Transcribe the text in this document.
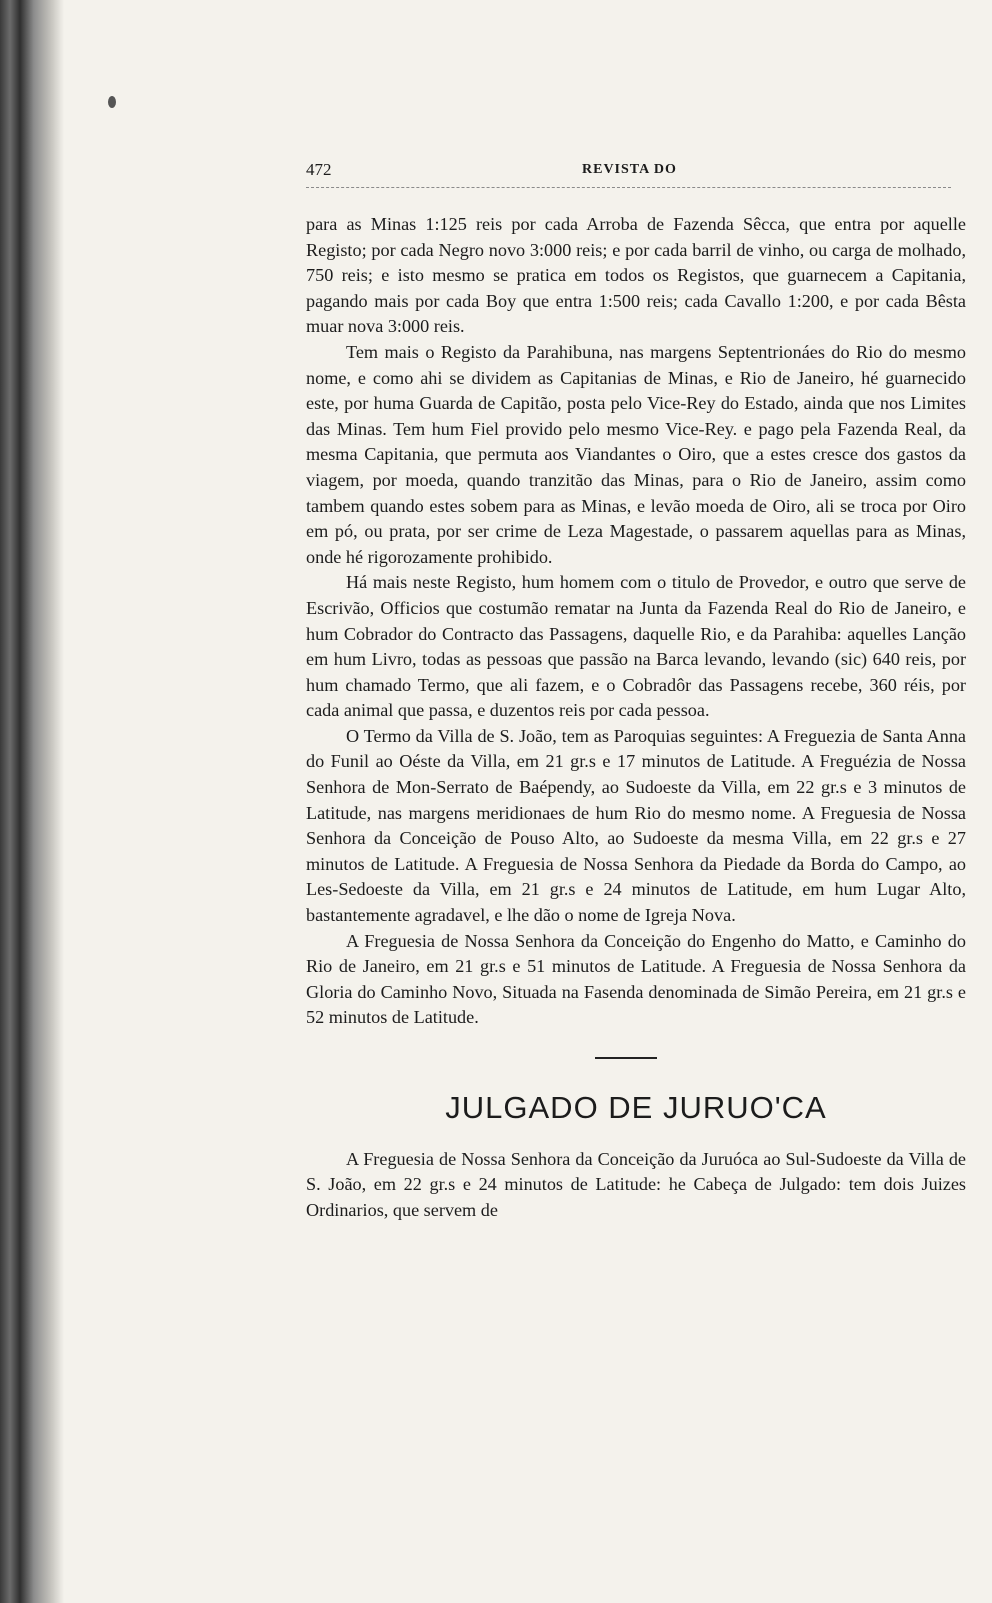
472	REVISTA DO

para as Minas 1:125 reis por cada Arroba de Fazenda Sêcca, que entra por aquelle Registo; por cada Negro novo 3:000 reis; e por cada barril de vinho, ou carga de molhado, 750 reis; e isto mesmo se pratica em todos os Registos, que guarnecem a Capitania, pagando mais por cada Boy que entra 1:500 reis; cada Cavallo 1:200, e por cada Bêsta muar nova 3:000 reis.

Tem mais o Registo da Parahibuna, nas margens Septentrionáes do Rio do mesmo nome, e como ahi se dividem as Capitanias de Minas, e Rio de Janeiro, hé guarnecido este, por huma Guarda de Capitão, posta pelo Vice-Rey do Estado, ainda que nos Limites das Minas. Tem hum Fiel provido pelo mesmo Vice-Rey. e pago pela Fazenda Real, da mesma Capitania, que permuta aos Viandantes o Oiro, que a estes cresce dos gastos da viagem, por moeda, quando tranzitão das Minas, para o Rio de Janeiro, assim como tambem quando estes sobem para as Minas, e levão moeda de Oiro, ali se troca por Oiro em pó, ou prata, por ser crime de Leza Magestade, o passarem aquellas para as Minas, onde hé rigorozamente prohibido.

Há mais neste Registo, hum homem com o titulo de Provedor, e outro que serve de Escrivão, Officios que costumão rematar na Junta da Fazenda Real do Rio de Janeiro, e hum Cobrador do Contracto das Passagens, daquelle Rio, e da Parahiba: aquelles Lanção em hum Livro, todas as pessoas que passão na Barca levando, levando (sic) 640 reis, por hum chamado Termo, que ali fazem, e o Cobradôr das Passagens recebe, 360 réis, por cada animal que passa, e duzentos reis por cada pessoa.

O Termo da Villa de S. João, tem as Paroquias seguintes: A Freguezia de Santa Anna do Funil ao Oéste da Villa, em 21 gr.s e 17 minutos de Latitude. A Freguézia de Nossa Senhora de Mon-Serrato de Baépendy, ao Sudoeste da Villa, em 22 gr.s e 3 minutos de Latitude, nas margens meridionaes de hum Rio do mesmo nome. A Freguesia de Nossa Senhora da Conceição de Pouso Alto, ao Sudoeste da mesma Villa, em 22 gr.s e 27 minutos de Latitude. A Freguesia de Nossa Senhora da Piedade da Borda do Campo, ao Les-Sedoeste da Villa, em 21 gr.s e 24 minutos de Latitude, em hum Lugar Alto, bastantemente agradavel, e lhe dão o nome de Igreja Nova.

A Freguesia de Nossa Senhora da Conceição do Engenho do Matto, e Caminho do Rio de Janeiro, em 21 gr.s e 51 minutos de Latitude. A Freguesia de Nossa Senhora da Gloria do Caminho Novo, Situada na Fasenda denominada de Simão Pereira, em 21 gr.s e 52 minutos de Latitude.

JULGADO DE JURUO'CA

A Freguesia de Nossa Senhora da Conceição da Juruóca ao Sul-Sudoeste da Villa de S. João, em 22 gr.s e 24 minutos de Latitude: he Cabeça de Julgado: tem dois Juizes Ordinarios, que servem de
